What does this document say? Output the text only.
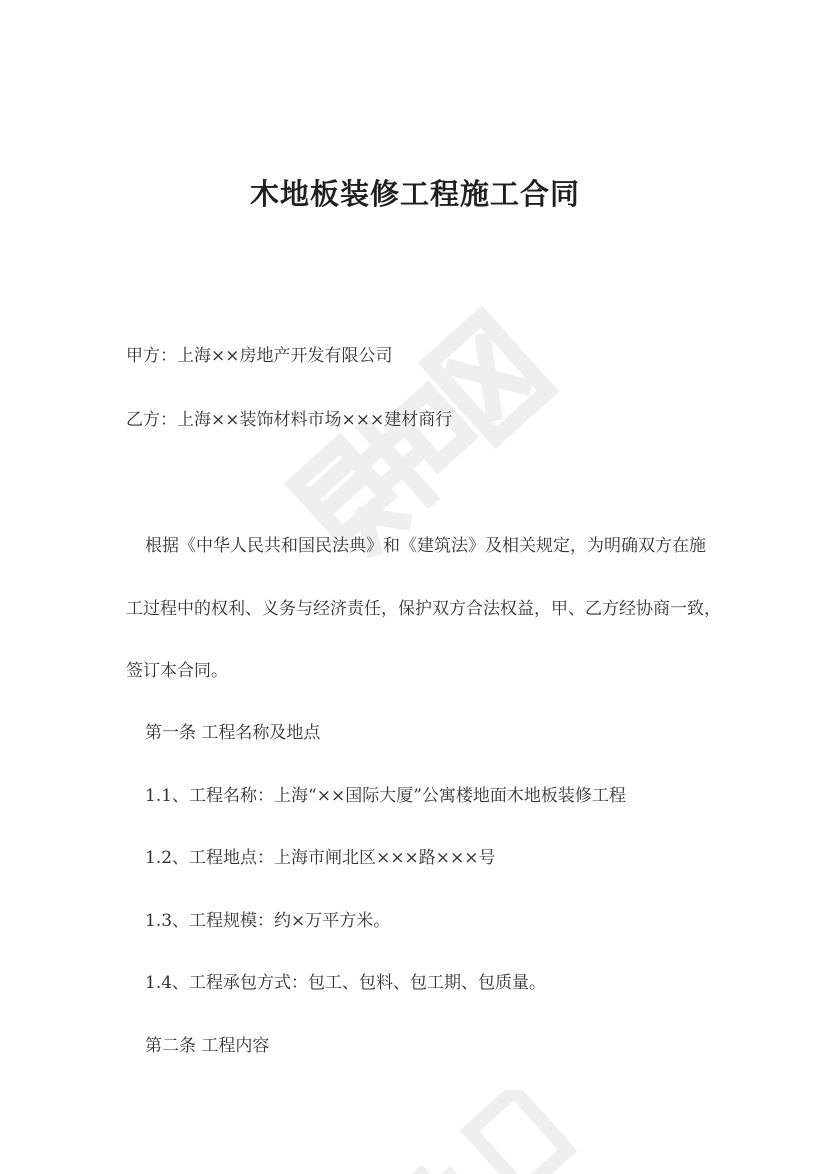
木地板装修工程施工合同
甲方：上海××房地产开发有限公司
乙方：上海××装饰材料市场×××建材商行
根据《中华人民共和国民法典》和《建筑法》及相关规定，为明确双方在施
工过程中的权利、义务与经济责任，保护双方合法权益，甲、乙方经协商一致，
签订本合同。
第一条 工程名称及地点
1.1、工程名称：上海“××国际大厦”公寓楼地面木地板装修工程
1.2、工程地点：上海市闸北区×××路×××号
1.3、工程规模：约×万平方米。
1.4、工程承包方式：包工、包料、包工期、包质量。
第二条 工程内容
